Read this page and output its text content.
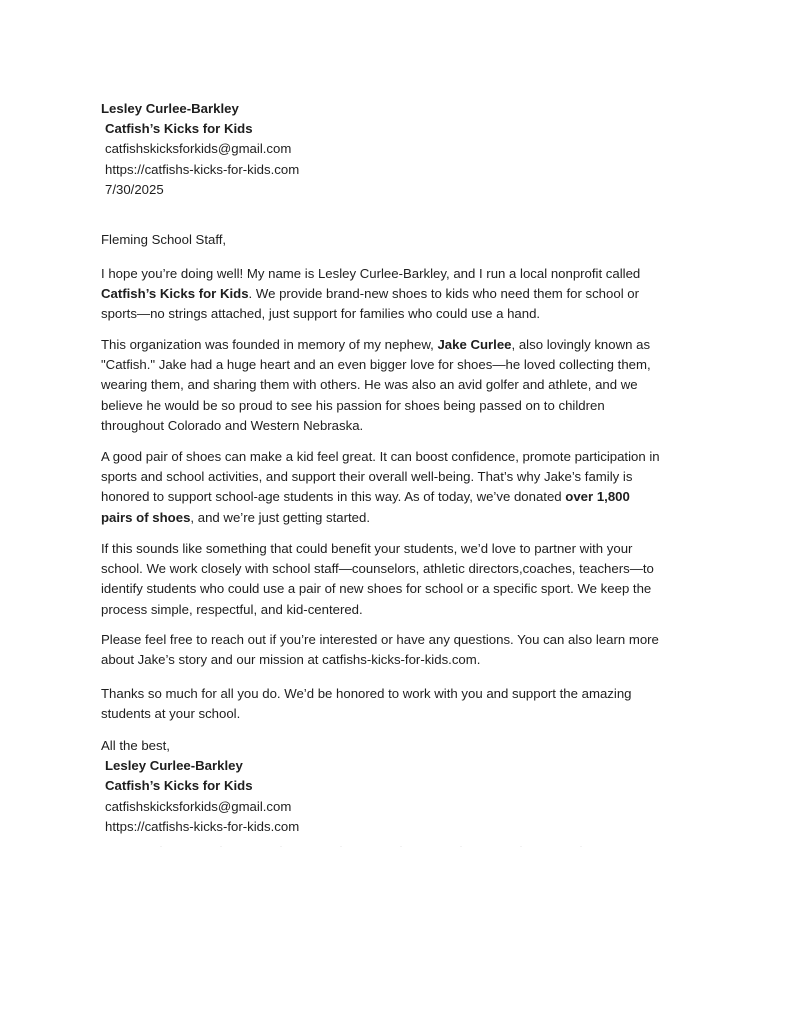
Lesley Curlee-Barkley
Catfish’s Kicks for Kids
catfishskicksforkids@gmail.com
https://catfishs-kicks-for-kids.com
7/30/2025
Fleming School Staff,
I hope you’re doing well! My name is Lesley Curlee-Barkley, and I run a local nonprofit called
Catfish’s Kicks for Kids. We provide brand-new shoes to kids who need them for school or
sports—no strings attached, just support for families who could use a hand.
This organization was founded in memory of my nephew, Jake Curlee, also lovingly known as
"Catfish." Jake had a huge heart and an even bigger love for shoes—he loved collecting them,
wearing them, and sharing them with others. He was also an avid golfer and athlete, and we
believe he would be so proud to see his passion for shoes being passed on to children
throughout Colorado and Western Nebraska.
A good pair of shoes can make a kid feel great. It can boost confidence, promote participation in
sports and school activities, and support their overall well-being. That’s why Jake’s family is
honored to support school-age students in this way. As of today, we’ve donated over 1,800
pairs of shoes, and we’re just getting started.
If this sounds like something that could benefit your students, we’d love to partner with your
school. We work closely with school staff—counselors, athletic directors,coaches, teachers—to
identify students who could use a pair of new shoes for school or a specific sport. We keep the
process simple, respectful, and kid-centered.
Please feel free to reach out if you’re interested or have any questions. You can also learn more
about Jake’s story and our mission at catfishs-kicks-for-kids.com.
Thanks so much for all you do. We’d be honored to work with you and support the amazing
students at your school.
All the best,
Lesley Curlee-Barkley
Catfish’s Kicks for Kids
catfishskicksforkids@gmail.com
https://catfishs-kicks-for-kids.com
